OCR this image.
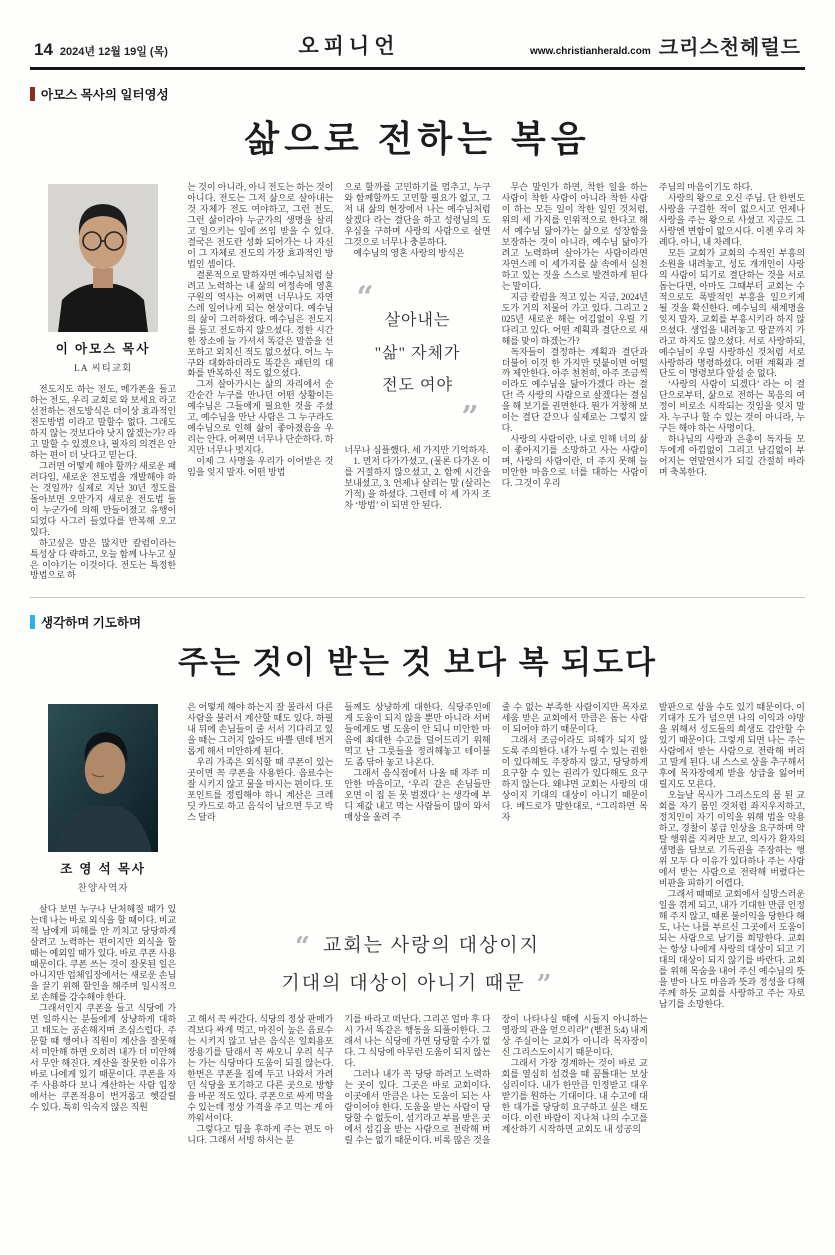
14 2024년 12월 19일 (목)	오피니언	www.christianherald.com 크리스천헤럴드
아모스 목사의 일터영성
삶으로 전하는 복음
이 아모스 목사
LA 씨티교회

전도지도 하는 전도, 메가폰을 들고 하는 전도, 우리 교회로 와 보세요 라고 선전하는 전도방식은 더이상 효과적인 전도방법 이라고 말할수 없다. 그래도 하지 않는 것보다야 낫지 않겠는가? 라고 말할 수 있겠으나, 필자의 의견은 안하는 편이 더 낫다고 믿는다.

그러면 어떻게 해야 할까? 새로운 패러다임, 새로운 전도법을 개발해야 하는 것일까? 실제로 지난 30년 정도를 돌아보면 오만가지 새로운 전도법 들이 누군가에 의해 만들어졌고 유행이 되었다 사그러 들었다를 반복해 오고 있다.

하고싶은 말은 많지만 칼럼이라는 특성상 다 략하고, 오늘 함께 나누고 싶은 이야기는 이것이다. 전도는 특정한 방법으로 하

는 것이 아니라, 아니 전도는 하는 것이 아니다. 전도는 그저 삶으로 살아내는 것 자체가 전도 여야하고, 그런 전도, 그런 삶이라야 누군가의 생명을 살리고 일으키는 일에 쓰임 받을 수 있다. 결국은 전도란 성화 되어가는 나 자신이 그 자체로 전도의 가장 효과적인 방법인 셈이다.

결론적으로 말하자면 예수님처럼 살려고 노력하는 내 삶의 여정속에 영혼 구원의 역사는 어쩌면 너무나도 자연스레 일어나게 되는 현상이다. 예수님의 삶이 그러하셨다. 예수님은 전도지를 들고 전도하지 않으셨다. 정한 시간 한 장소에 늘 가셔서 똑같은 말씀을 선포하고 외치신 적도 없으셨다. 어느 누구와 대화하더라도 똑같은 패턴의 대화를 반복하신 적도 없으셨다.

그저 살아가시는 삶의 자리에서 순간순간 누구를 만나던 어떤 상황이든 예수님은 그들에게 필요한 것을 주셨고, 예수님을 만난 사람은 그 누구라도 예수님으로 인해 삶이 좋아졌음을 우리는 안다. 어쩌면 너무나 단순하다. 하지만 너무나 멋지다.

이제 그 사명을 우리가 이어받은 것임을 잊지 말자. 어떤 방법

으로 할까를 고민하기를 멈추고, 누구와 함께할까도 고민할 필요가 없고, 그저 내 삶의 현장에서 나는 예수님처럼 살겠다 라는 결단을 하고 성령님의 도우심을 구하며 사랑의 사람으로 살면 그것으로 너무나 충분하다.

예수님의 영혼 사랑의 방식은

“
살아내는
"삶" 자체가
전도 여야
”

너무나 심플했다. 세 가지만 기억하자.

1. 먼저 다가가셨고, (물론 다가온 이를 거절하지 않으셨고, 2. 함께 시간을 보내셨고, 3. 언제나 살리는 말 (살리는 기적) 을 하셨다. 그런데 이 세 가지 조차 ‘방법’ 이 되면 안 된다.

무슨 말인가 하면, 착한 일을 하는 사람이 착한 사람이 아니라 착한 사람이 하는 모든 일이 착한 일인 것처럼, 위의 세 가지를 인위적으로 한다고 해서 예수님 닮아가는 삶으로 성장함을 보장하는 것이 아니라, 예수님 닮아가려고 노력하며 살아가는 사람이라면 자연스레 이 세가지를 삶 속에서 실천하고 있는 것을 스스로 발견하게 된다는 말이다.

지금 칼럼을 적고 있는 지금, 2024년도가 거의 저물어 가고 있다. 그리고 2025년 새로운 해는 어김없이 우릴 기다리고 있다. 어떤 계획과 결단으로 새해를 맞이 하겠는가?

독자들이 결정하는 계획과 결단과 더불어 이것 한 가지만 덧붙이면 어떨까 제안한다. 아주 천천히, 아주 조금씩이라도 예수님을 닮아가겠다 라는 결단! 즉 사랑의 사람으로 살겠다는 결심을 해 보기를 권면한다. 뭔가 거창해 보이는 결단 같으나 실제로는 그렇지 않다.

사랑의 사람이란, 나로 인해 너의 삶이 좋아지기를 소망하고 사는 사람이며, 사랑의 사람이란, 더 주지 못해 늘 미안한 마음으로 너를 대하는 사람이다. 그것이 우리

주님의 마음이기도 하다.

사랑의 왕으로 오신 주님. 단 한번도 사랑을 구걸한 적이 없으시고 언제나 사랑을 주는 왕으로 사셨고 지금도 그 사랑엔 변함이 없으시다. 이젠 우리 차례다. 아니, 내 차례다.

모든 교회가 교회의 수적인 부흥의 소원을 내려놓고, 성도 개개인이 사랑의 사람이 되기로 결단하는 것을 서로 돕는다면, 아마도 그때부터 교회는 수적으로도 폭발적인 부흥을 일으키게 될 것을 확신한다. 예수님의 새계명을 잊지 말자. 교회를 부흥시키라 하지 않으셨다. 생업을 내려놓고 땅끝까지 가라고 하지도 않으셨다. 서로 사랑하되, 예수님이 우릴 사랑하신 것처럼 서로 사랑하라 명령하셨다. 어떤 계획과 결단도 이 명령보다 앞설 순 없다.

‘사랑의 사람이 되겠다’ 라는 이 결단으로부터, 삶으로 전하는 복음의 여정이 비로소 시작되는 것임을 잊지 말자. 누구나 할 수 있는 것이 아니라, 누구든 해야 하는 사명이다.

하나님의 사랑과 은총이 독자들 모두에게 아낌없이 그리고 남김없이 부어지는 연말연시가 되길 간절히 바라며 축복한다.

생각하며 기도하며
주는 것이 받는 것 보다 복 되도다
조 영 석 목사
찬양사역자

살다 보면 누구나 난처해질 때가 있는데 나는 바로 외식을 할 때이다. 비교적 남에게 피해를 안 끼치고 당당하게 살려고 노력하는 편이지만 외식을 할 때는 예외일 때가 있다. 바로 쿠폰 사용 때문이다. 쿠폰 쓰는 것이 잘못된 일은 아니지만 업체입장에서는 새로운 손님을 끌기 위해 할인을 해주며 일시적으로 손해를 감수해야 한다.

그래서인지 쿠폰을 들고 식당에 가면 일하시는 분들에게 상냥하게 대하고 태도는 공손해지며 조심스럽다. 주문할 때 행여나 직원이 계산을 잘못해서 미안해 하면 오히려 내가 더 미안해서 무안 해진다. 계산을 잘못한 이유가 바로 나에게 있기 때문이다. 쿠폰을 자주 사용하다 보니 계산하는 사람 입장에서는 쿠폰적용이 번거롭고 헷갈릴 수 있다. 특히 익숙지 않은 직원

은 어떻게 해야 하는지 잘 몰라서 다른 사람을 불러서 계산할 때도 있다. 하필 내 뒤에 손님들이 줄 서서 기다리고 있을 때는 그러지 않아도 바쁠 텐데 번거롭게 해서 미안하게 된다.

우리 가족은 외식할 때 쿠폰이 있는 곳이면 꼭 쿠폰을 사용한다. 음료수는 잘 시키지 않고 물을 마시는 편이다. 또 포인트를 정립해야 하니 계산은 크레딧 카드로 하고 음식이 남으면 두고 박스 달라

들께도 상냥하게 대한다. 식당주인에게 도움이 되지 않을 뿐만 아니라 서버들에게도 별 도움이 안 되니 미안한 마음에 최대한 수고를 덜어드리기 위해 먹고 난 그릇들을 정리해놓고 테이블도 좀 닦아 놓고 나온다.

그래서 음식점에서 나올 때 자주 미안한 마음이고, ‘우리 같은 손님들만 오면 이 집 돈 못 벌겠다’ 는 생각에 부디 제값 내고 먹는 사람들이 많이 와서 매상을 올려 주

줄 수 없는 부족한 사람이지만 목자로 세움 받은 교회에서 만큼은 돕는 사람이 되어야 하기 때문이다.

그래서 조금이라도 피해가 되지 않도록 주의한다. 내가 누릴 수 있는 권한이 있다해도 주장하지 않고, 당당하게 요구할 수 있는 권리가 있다해도 요구하지 않는다. 왜냐면 교회는 사랑의 대상이지 기대의 대상이 아니기 때문이다. 베드로가 말한대로, “그리하면 목자

“ 교회는 사랑의 대상이지
기대의 대상이 아니기 때문 ”

고 해서 꼭 싸간다. 식당의 정상 판매가격보다 싸게 먹고, 마진이 높은 음료수는 시키지 않고 남은 음식은 일회용포장용기를 달래서 꼭 싸오니 우리 식구는 가는 식당마다 도움이 되질 않는다. 한번은 쿠폰을 집에 두고 나와서 가려던 식당을 포기하고 다른 곳으로 방향을 바꾼 적도 있다. 쿠폰으로 싸게 먹을 수 있는데 정상 가격을 주고 먹는 게 아까워서이다.

그렇다고 팁을 후하게 주는 편도 아니다. 그래서 서빙 하시는 분

기를 바라고 떠난다. 그리곤 얼마 후 다시 가서 똑같은 행동을 되풀이한다. 그래서 나는 식당에 가면 당당할 수가 없다. 그 식당에 아무런 도움이 되지 않는다.

그러나 내가 꼭 당당 하려고 노력하는 곳이 있다. 그곳은 바로 교회이다. 이곳에서 만큼은 나는 도움이 되는 사람이어야 한다. 도움을 받는 사람이 당당할 수 없듯이, 섬기라고 부름 받은 곳에서 섬김을 받는 사람으로 전락해 버릴 수는 없기 때문이다. 비록 많은 것을

장이 나타나실 때에 시들지 아니하는 영광의 관을 얻으리라” (벧전 5:4) 내게 상 주실이는 교회가 아니라 목자장이신 그리스도이시기 때문이다.

그래서 가장 경계하는 것이 바로 교회를 열심히 섬겼을 때 꿈틀대는 보상심리이다. 내가 한만큼 인정받고 대우받기를 원하는 기대이다. 내 수고에 대한 대가를 당당히 요구하고 싶은 태도이다. 이런 바람이 지나쳐 나의 수고를 계산하기 시작하면 교회도 내 성공의

발판으로 삼을 수도 있기 때문이다. 이 기대가 도가 넘으면 나의 이익과 야망을 위해서 성도들의 희생도 감안할 수 있기 때문이다. 그렇게 되면 나는 주는 사람에서 받는 사람으로 전락해 버리고 말게 된다. 내 스스로 상을 추구해서 후에 목자장에게 받을 상급을 잃어버릴지도 모른다.

오늘날 목사가 그리스도의 몸 된 교회를 자기 몸인 것처럼 좌지우지하고, 정치인이 자기 이익을 위해 법을 악용하고, 경찰이 봉급 인상을 요구하며 약탈 행위를 지켜만 보고, 의사가 환자의 생명을 담보로 기득권을 주장하는 행위 모두 다 이유가 있다하나 주는 사람에서 받는 사람으로 전락해 버렸다는 비판을 피하기 어렵다.

그래서 때때로 교회에서 실망스러운 일을 겪게 되고, 내가 기대한 만큼 인정해 주지 않고, 때론 불이익을 당한다 해도, 나는 나를 부르신 그곳에서 도움이 되는 사람으로 남기를 희망한다. 교회는 항상 나에게 사랑의 대상이 되고 기대의 대상이 되지 않기를 바란다. 교회를 위해 목숨을 내어 주신 예수님의 뜻을 받아 나도 마음과 뜻과 정성을 다해 주께 하듯 교회를 사랑하고 주는 자로 남기를 소망한다.
